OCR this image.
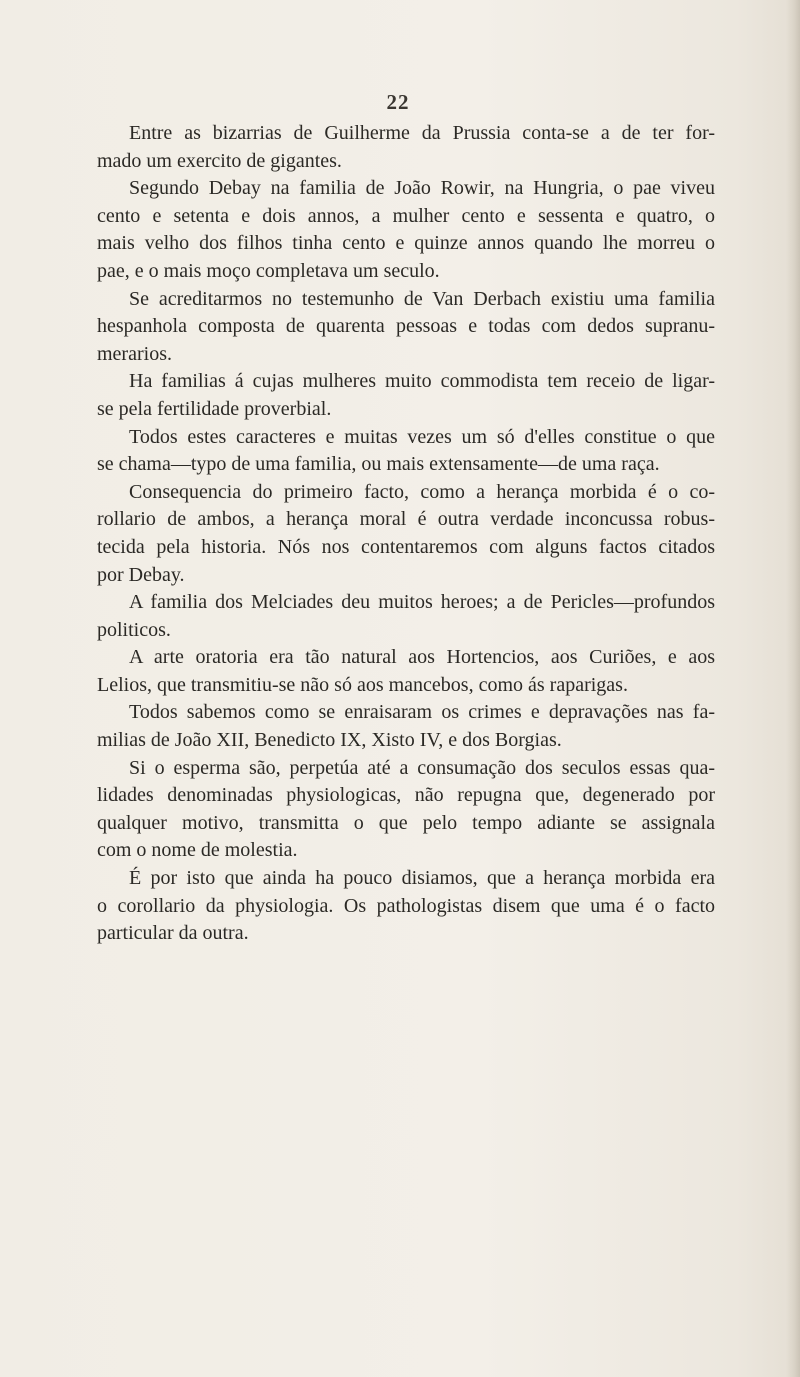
22
Entre as bizarrias de Guilherme da Prussia conta-se a de ter for-
mado um exercito de gigantes.
Segundo Debay na familia de João Rowir, na Hungria, o pae viveu
cento e setenta e dois annos, a mulher cento e sessenta e quatro, o
mais velho dos filhos tinha cento e quinze annos quando lhe morreu o
pae, e o mais moço completava um seculo.
Se acreditarmos no testemunho de Van Derbach existiu uma familia
hespanhola composta de quarenta pessoas e todas com dedos supranu-
merarios.
Ha familias á cujas mulheres muito commodista tem receio de ligar-
se pela fertilidade proverbial.
Todos estes caracteres e muitas vezes um só d'elles constitue o que
se chama—typo de uma familia, ou mais extensamente—de uma raça.
Consequencia do primeiro facto, como a herança morbida é o co-
rollario de ambos, a herança moral é outra verdade inconcussa robus-
tecida pela historia. Nós nos contentaremos com alguns factos citados
por Debay.
A familia dos Melciades deu muitos heroes; a de Pericles—profundos
politicos.
A arte oratoria era tão natural aos Hortencios, aos Curiões, e aos
Lelios, que transmitiu-se não só aos mancebos, como ás raparigas.
Todos sabemos como se enraisaram os crimes e depravações nas fa-
milias de João XII, Benedicto IX, Xisto IV, e dos Borgias.
Si o esperma são, perpetúa até a consumação dos seculos essas qua-
lidades denominadas physiologicas, não repugna que, degenerado por
qualquer motivo, transmitta o que pelo tempo adiante se assignala
com o nome de molestia.
É por isto que ainda ha pouco disiamos, que a herança morbida era
o corollario da physiologia. Os pathologistas disem que uma é o facto
particular da outra.
